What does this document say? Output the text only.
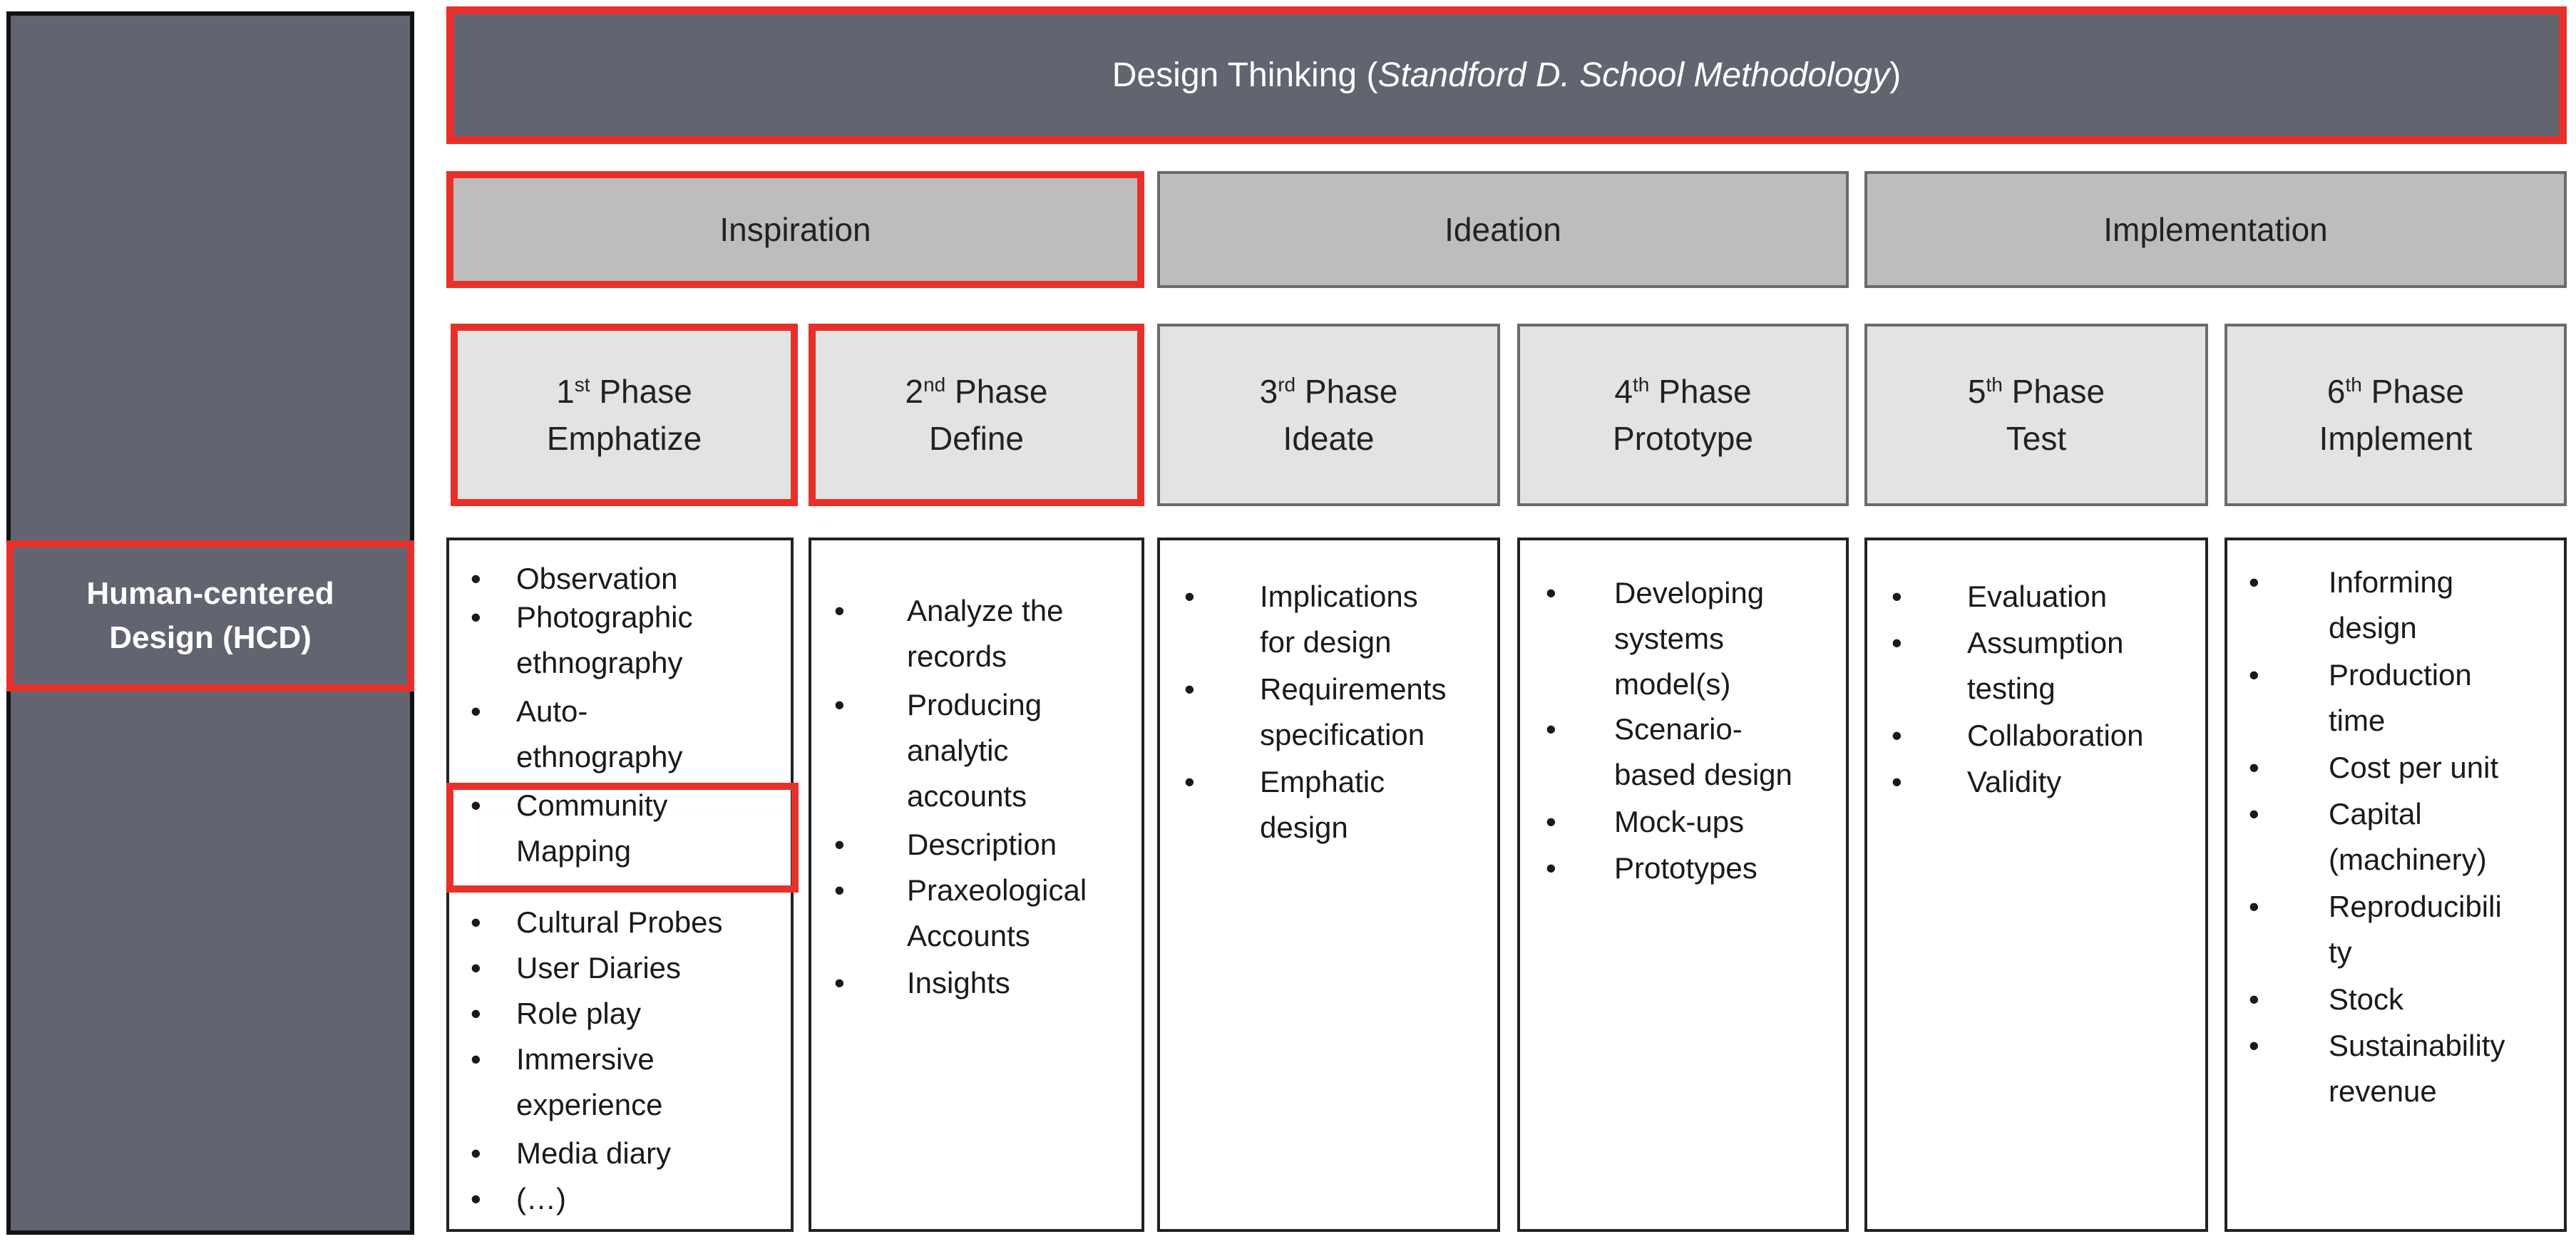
Human-centered
Design (HCD)
Design Thinking (Standford D. School Methodology)
Inspiration	Ideation	Implementation
1st Phase
Emphatize
2nd Phase
Define
3rd Phase
Ideate
4th Phase
Prototype
5th Phase
Test
6th Phase
Implement
• Observation
• Photographic
ethnography
• Auto-
ethnography
• Community
Mapping
• Cultural Probes
• User Diaries
• Role play
• Immersive
experience
• Media diary
• (…)
• Analyze the
records
• Producing
analytic
accounts
• Description
• Praxeological
Accounts
• Insights
• Implications
for design
• Requirements
specification
• Emphatic
design
• Developing
systems
model(s)
• Scenario-
based design
• Mock-ups
• Prototypes
• Evaluation
• Assumption
testing
• Collaboration
• Validity
• Informing
design
• Production
time
• Cost per unit
• Capital
(machinery)
• Reproducibili
ty
• Stock
• Sustainability
revenue
